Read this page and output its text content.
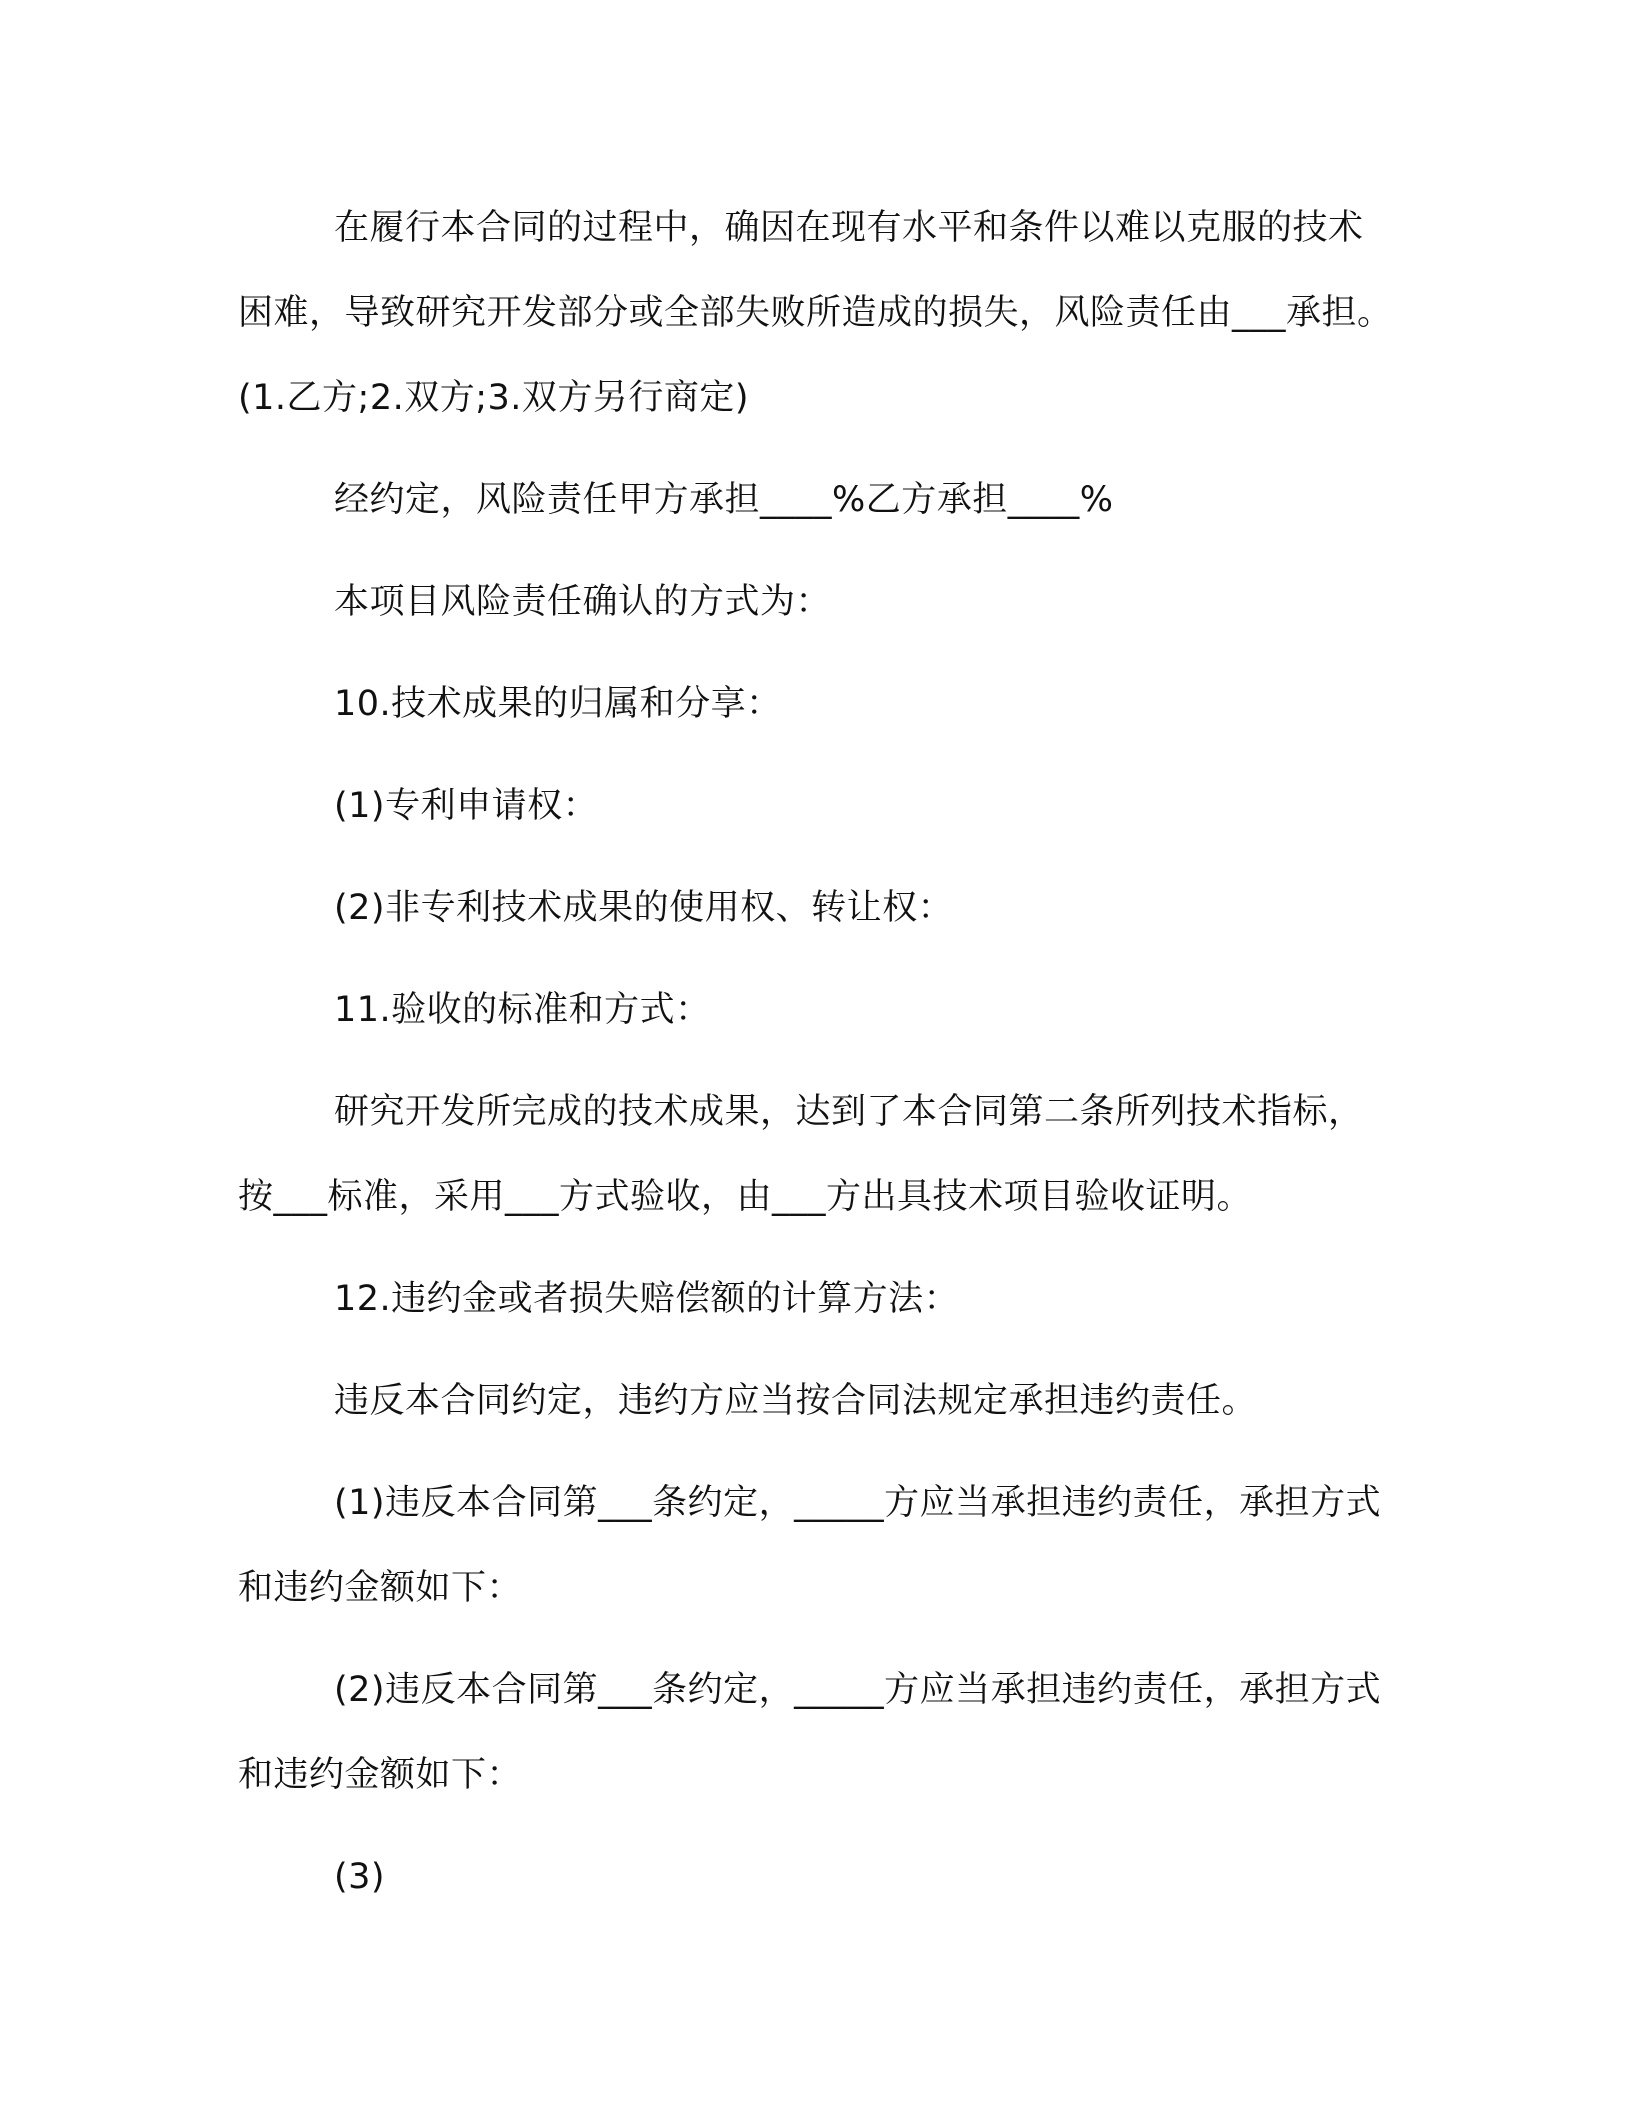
在履行本合同的过程中，确因在现有水平和条件以难以克服的技术困难，导致研究开发部分或全部失败所造成的损失，风险责任由___承担。(1.乙方;2.双方;3.双方另行商定)

经约定，风险责任甲方承担____%乙方承担____%

本项目风险责任确认的方式为：

10.技术成果的归属和分享：

(1)专利申请权：

(2)非专利技术成果的使用权、转让权：

11.验收的标准和方式：

研究开发所完成的技术成果，达到了本合同第二条所列技术指标，按___标准，采用___方式验收，由___方出具技术项目验收证明。

12.违约金或者损失赔偿额的计算方法：

违反本合同约定，违约方应当按合同法规定承担违约责任。

(1)违反本合同第___条约定，_____方应当承担违约责任，承担方式和违约金额如下：

(2)违反本合同第___条约定，_____方应当承担违约责任，承担方式和违约金额如下：

(3)
